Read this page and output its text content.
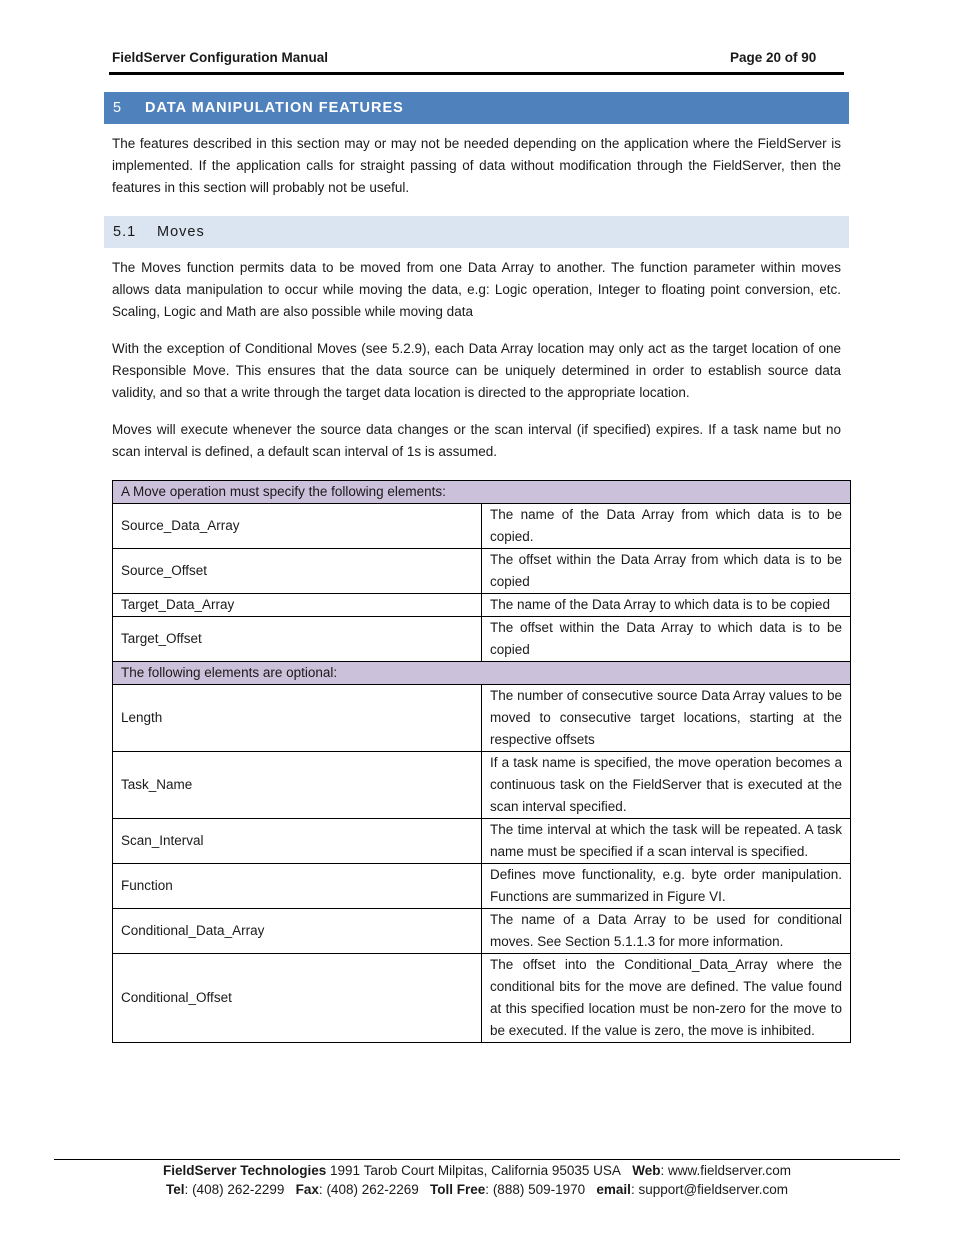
FieldServer Configuration Manual	Page 20 of 90
5	DATA MANIPULATION FEATURES

The features described in this section may or may not be needed depending on the application where the FieldServer is implemented. If the application calls for straight passing of data without modification through the FieldServer, then the features in this section will probably not be useful.

5.1	Moves

The Moves function permits data to be moved from one Data Array to another. The function parameter within moves allows data manipulation to occur while moving the data, e.g: Logic operation, Integer to floating point conversion, etc. Scaling, Logic and Math are also possible while moving data

With the exception of Conditional Moves (see 5.2.9), each Data Array location may only act as the target location of one Responsible Move. This ensures that the data source can be uniquely determined in order to establish source data validity, and so that a write through the target data location is directed to the appropriate location.

Moves will execute whenever the source data changes or the scan interval (if specified) expires. If a task name but no scan interval is defined, a default scan interval of 1s is assumed.

A Move operation must specify the following elements:	
Source_Data_Array	The name of the Data Array from which data is to be copied.
Source_Offset	The offset within the Data Array from which data is to be copied
Target_Data_Array	The name of the Data Array to which data is to be copied
Target_Offset	The offset within the Data Array to which data is to be copied
The following elements are optional:	
Length	The number of consecutive source Data Array values to be moved to consecutive target locations, starting at the respective offsets
Task_Name	If a task name is specified, the move operation becomes a continuous task on the FieldServer that is executed at the scan interval specified.
Scan_Interval	The time interval at which the task will be repeated. A task name must be specified if a scan interval is specified.
Function	Defines move functionality, e.g. byte order manipulation. Functions are summarized in Figure VI.
Conditional_Data_Array	The name of a Data Array to be used for conditional moves. See Section 5.1.1.3 for more information.
Conditional_Offset	The offset into the Conditional_Data_Array where the conditional bits for the move are defined. The value found at this specified location must be non-zero for the move to be executed. If the value is zero, the move is inhibited.
FieldServer Technologies 1991 Tarob Court Milpitas, California 95035 USA Web: www.fieldserver.com
Tel: (408) 262-2299 Fax: (408) 262-2269 Toll Free: (888) 509-1970 email: support@fieldserver.com
